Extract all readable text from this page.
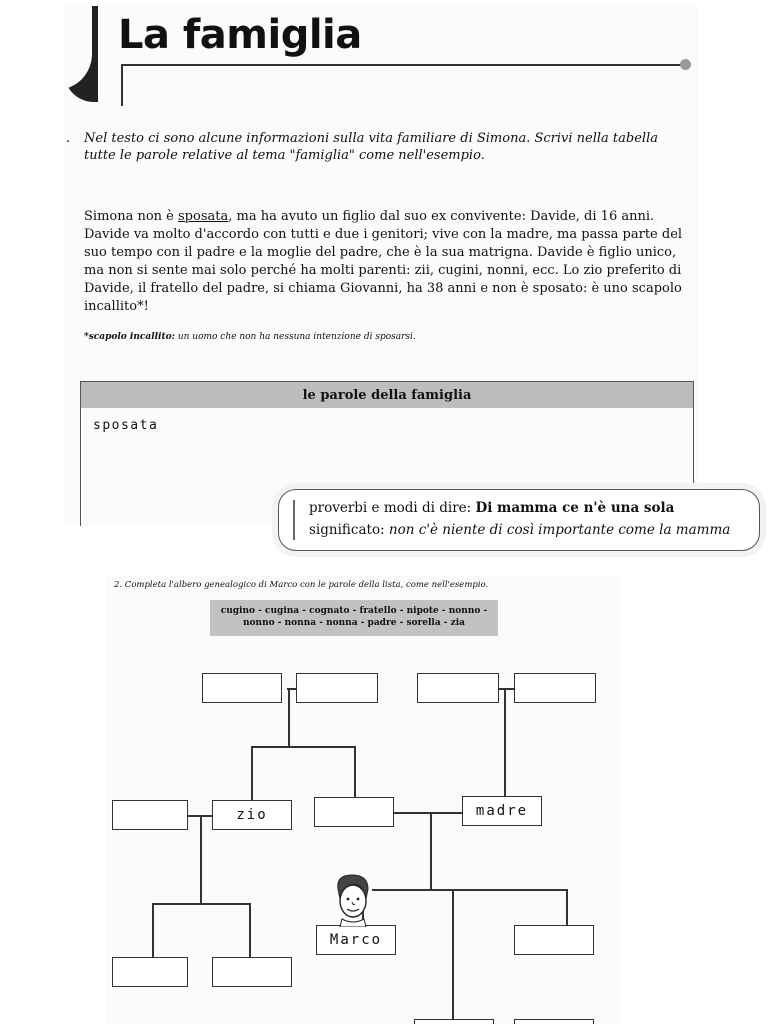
La famiglia
. Nel testo ci sono alcune informazioni sulla vita familiare di Simona. Scrivi nella tabella tutte le parole relative al tema "famiglia" come nell'esempio.
Simona non è sposata, ma ha avuto un figlio dal suo ex convivente: Davide, di 16 anni. Davide va molto d'accordo con tutti e due i genitori; vive con la madre, ma passa parte del suo tempo con il padre e la moglie del padre, che è la sua matrigna. Davide è figlio unico, ma non si sente mai solo perché ha molti parenti: zii, cugini, nonni, ecc. Lo zio preferito di Davide, il fratello del padre, si chiama Giovanni, ha 38 anni e non è sposato: è uno scapolo incallito*!
*scapolo incallito: un uomo che non ha nessuna intenzione di sposarsi.
le parole della famiglia
sposata
proverbi e modi di dire: Di mamma ce n'è una sola
significato: non c'è niente di così importante come la mamma
2. Completa l'albero genealogico di Marco con le parole della lista, come nell'esempio.
cugino - cugina - cognato - fratello - nipote - nonno -
nonno - nonna - nonna - padre - sorella - zia
zio	madre
Marco
